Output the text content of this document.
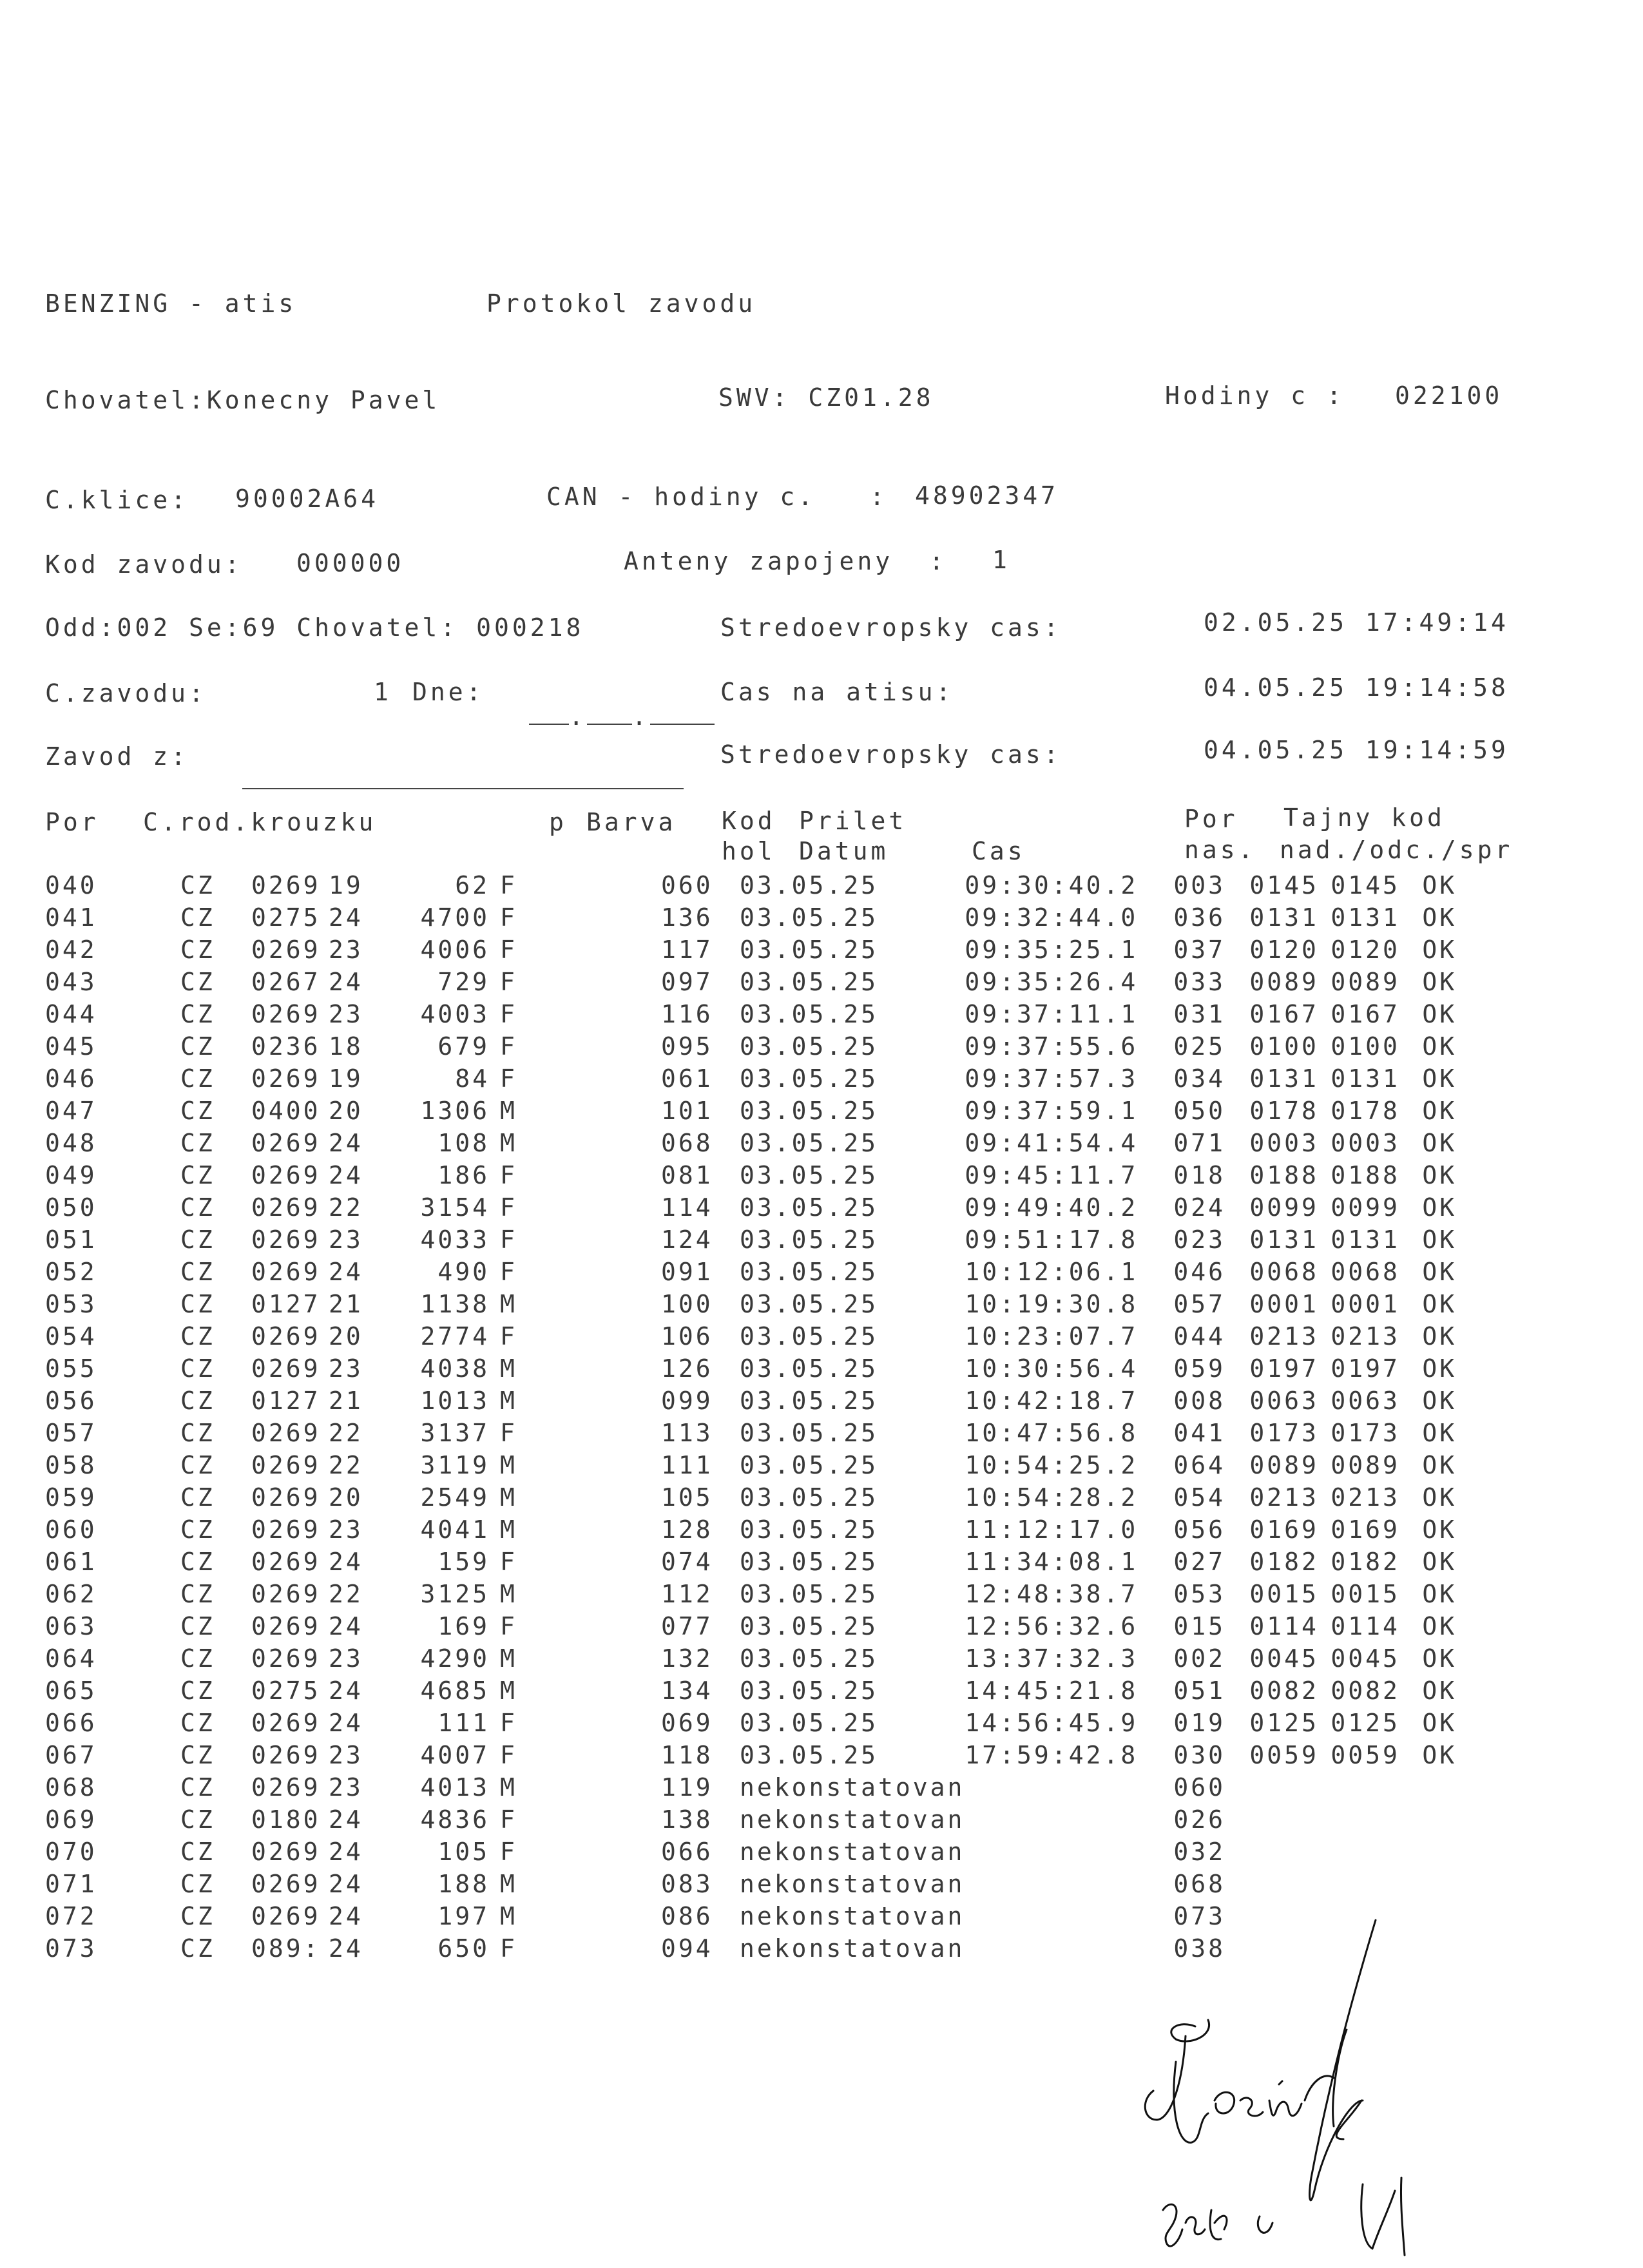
BENZING - atis	Protokol zavodu
Chovatel:Konecny Pavel	SWV: CZ01.28	Hodiny c : 022100
C.klice: 90002A64	CAN - hodiny c.   : 48902347
Kod zavodu: 000000	Anteny zapojeny  : 1
Odd:002 Se:69 Chovatel: 000218	Stredoevropsky cas:	02.05.25 17:49:14
C.zavodu:	1 Dne:

. .

Cas na atisu:	04.05.25 19:14:58
Zavod z:

	Stredoevropsky cas:	04.05.25 19:14:59
Por C.rod.krouzku	p Barva Kod Prilet	Por Tajny kod
hol Datum	Cas	nas. nad./odc./spr
040	CZ	0269	19	62	F	060	03.05.25	09:30:40.2	003	0145	0145	OK
041	CZ	0275	24	4700	F	136	03.05.25	09:32:44.0	036	0131	0131	OK
042	CZ	0269	23	4006	F	117	03.05.25	09:35:25.1	037	0120	0120	OK
043	CZ	0267	24	729	F	097	03.05.25	09:35:26.4	033	0089	0089	OK
044	CZ	0269	23	4003	F	116	03.05.25	09:37:11.1	031	0167	0167	OK
045	CZ	0236	18	679	F	095	03.05.25	09:37:55.6	025	0100	0100	OK
046	CZ	0269	19	84	F	061	03.05.25	09:37:57.3	034	0131	0131	OK
047	CZ	0400	20	1306	M	101	03.05.25	09:37:59.1	050	0178	0178	OK
048	CZ	0269	24	108	M	068	03.05.25	09:41:54.4	071	0003	0003	OK
049	CZ	0269	24	186	F	081	03.05.25	09:45:11.7	018	0188	0188	OK
050	CZ	0269	22	3154	F	114	03.05.25	09:49:40.2	024	0099	0099	OK
051	CZ	0269	23	4033	F	124	03.05.25	09:51:17.8	023	0131	0131	OK
052	CZ	0269	24	490	F	091	03.05.25	10:12:06.1	046	0068	0068	OK
053	CZ	0127	21	1138	M	100	03.05.25	10:19:30.8	057	0001	0001	OK
054	CZ	0269	20	2774	F	106	03.05.25	10:23:07.7	044	0213	0213	OK
055	CZ	0269	23	4038	M	126	03.05.25	10:30:56.4	059	0197	0197	OK
056	CZ	0127	21	1013	M	099	03.05.25	10:42:18.7	008	0063	0063	OK
057	CZ	0269	22	3137	F	113	03.05.25	10:47:56.8	041	0173	0173	OK
058	CZ	0269	22	3119	M	111	03.05.25	10:54:25.2	064	0089	0089	OK
059	CZ	0269	20	2549	M	105	03.05.25	10:54:28.2	054	0213	0213	OK
060	CZ	0269	23	4041	M	128	03.05.25	11:12:17.0	056	0169	0169	OK
061	CZ	0269	24	159	F	074	03.05.25	11:34:08.1	027	0182	0182	OK
062	CZ	0269	22	3125	M	112	03.05.25	12:48:38.7	053	0015	0015	OK
063	CZ	0269	24	169	F	077	03.05.25	12:56:32.6	015	0114	0114	OK
064	CZ	0269	23	4290	M	132	03.05.25	13:37:32.3	002	0045	0045	OK
065	CZ	0275	24	4685	M	134	03.05.25	14:45:21.8	051	0082	0082	OK
066	CZ	0269	24	111	F	069	03.05.25	14:56:45.9	019	0125	0125	OK
067	CZ	0269	23	4007	F	118	03.05.25	17:59:42.8	030	0059	0059	OK
068	CZ	0269	23	4013	M	119	nekonstatovan		060			
069	CZ	0180	24	4836	F	138	nekonstatovan		026			
070	CZ	0269	24	105	F	066	nekonstatovan		032			
071	CZ	0269	24	188	M	083	nekonstatovan		068			
072	CZ	0269	24	197	M	086	nekonstatovan		073			
073	CZ	089:	24	650	F	094	nekonstatovan		038			
